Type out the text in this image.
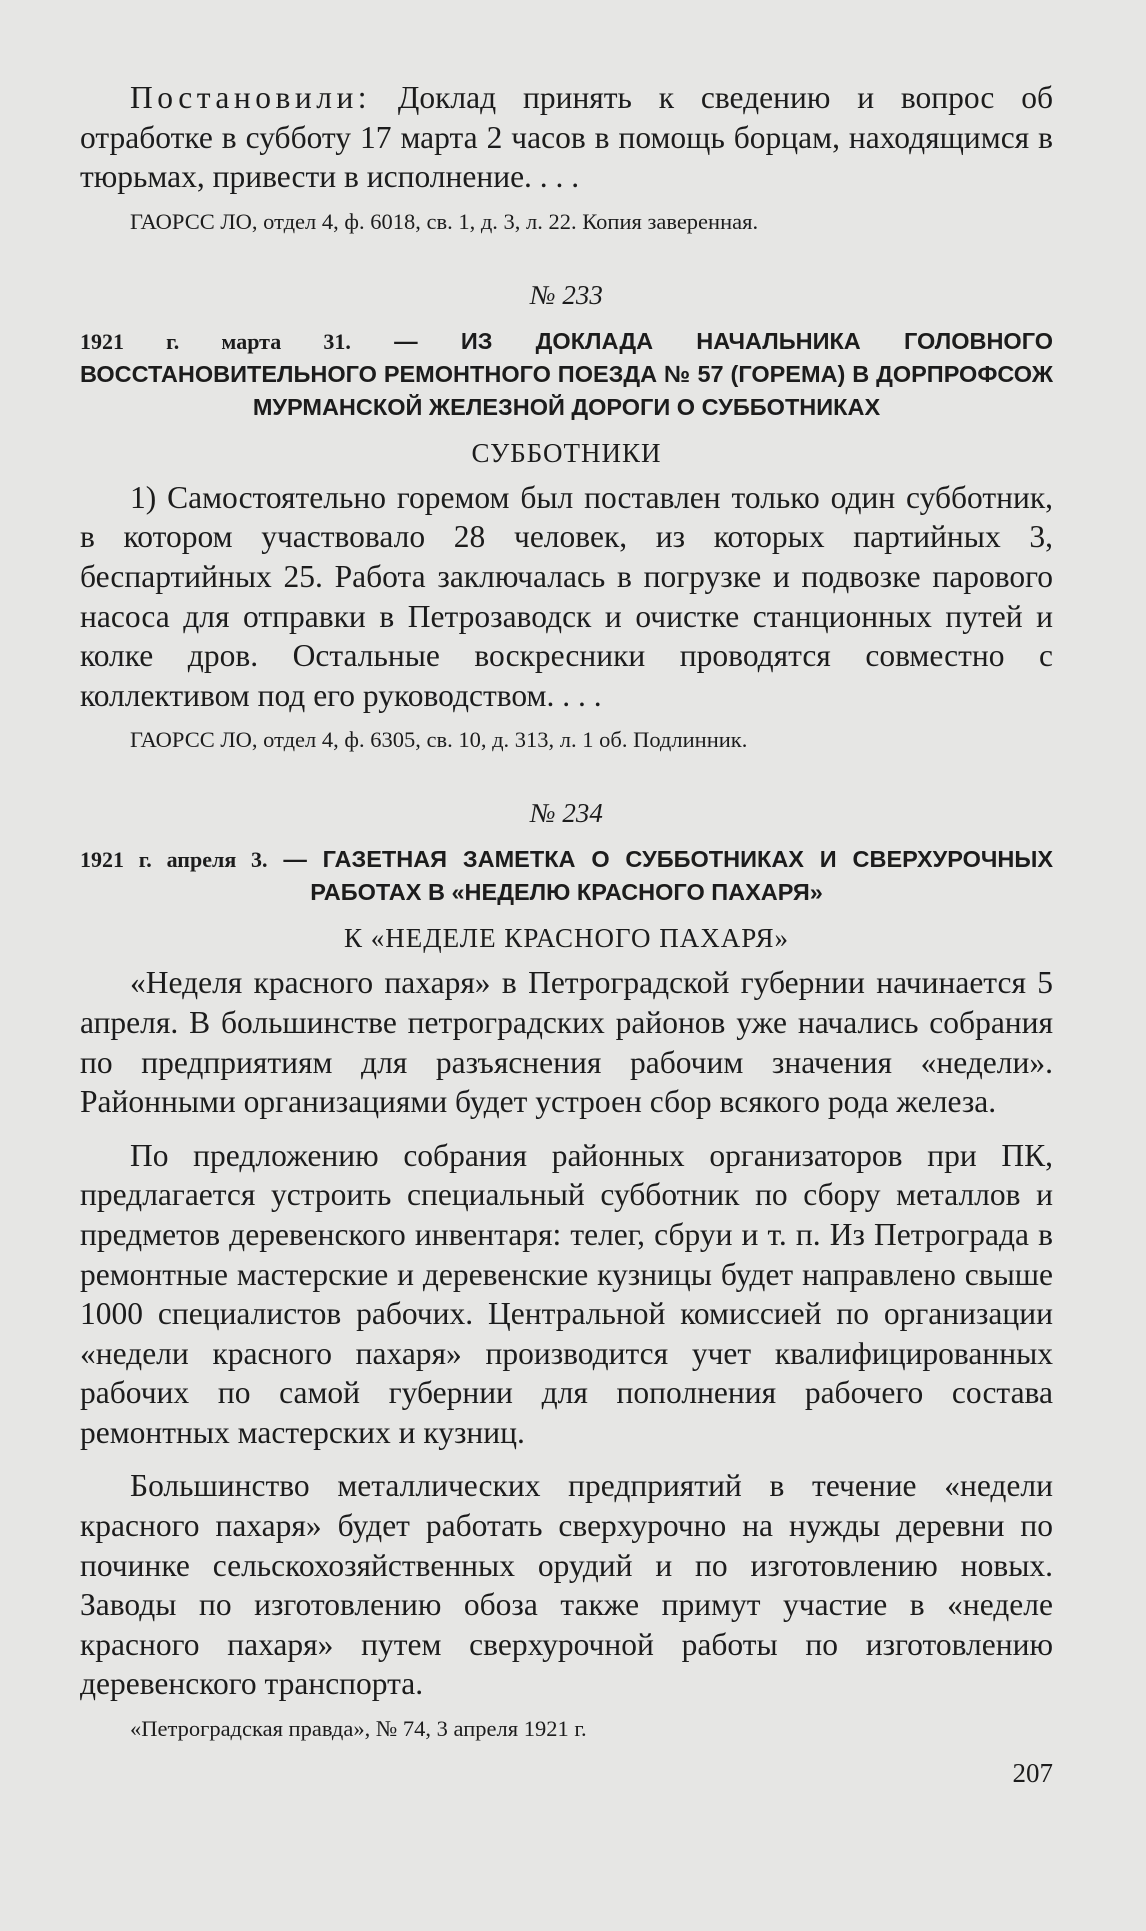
Постановили: Доклад принять к сведению и вопрос об отработке в субботу 17 марта 2 часов в помощь борцам, находящимся в тюрьмах, привести в исполнение. . . .

ГАОРСС ЛО, отдел 4, ф. 6018, св. 1, д. 3, л. 22. Копия заверенная.

№ 233

1921 г. марта 31. — ИЗ ДОКЛАДА НАЧАЛЬНИКА ГОЛОВНОГО ВОССТАНОВИТЕЛЬНОГО РЕМОНТНОГО ПОЕЗДА № 57 (ГОРЕМА) В ДОРПРОФСОЖ МУРМАНСКОЙ ЖЕЛЕЗНОЙ ДОРОГИ О СУББОТНИКАХ

СУББОТНИКИ

1) Самостоятельно горемом был поставлен только один субботник, в котором участвовало 28 человек, из которых партийных 3, беспартийных 25. Работа заключалась в погрузке и подвозке парового насоса для отправки в Петрозаводск и очистке станционных путей и колке дров. Остальные воскресники проводятся совместно с коллективом под его руководством. . . .

ГАОРСС ЛО, отдел 4, ф. 6305, св. 10, д. 313, л. 1 об. Подлинник.

№ 234

1921 г. апреля 3. — ГАЗЕТНАЯ ЗАМЕТКА О СУББОТНИКАХ И СВЕРХУРОЧНЫХ РАБОТАХ В «НЕДЕЛЮ КРАСНОГО ПАХАРЯ»

К «НЕДЕЛЕ КРАСНОГО ПАХАРЯ»

«Неделя красного пахаря» в Петроградской губернии начинается 5 апреля. В большинстве петроградских районов уже начались собрания по предприятиям для разъяснения рабочим значения «недели». Районными организациями будет устроен сбор всякого рода железа.

По предложению собрания районных организаторов при ПК, предлагается устроить специальный субботник по сбору металлов и предметов деревенского инвентаря: телег, сбруи и т. п. Из Петрограда в ремонтные мастерские и деревенские кузницы будет направлено свыше 1000 специалистов рабочих. Центральной комиссией по организации «недели красного пахаря» производится учет квалифицированных рабочих по самой губернии для пополнения рабочего состава ремонтных мастерских и кузниц.

Большинство металлических предприятий в течение «недели красного пахаря» будет работать сверхурочно на нужды деревни по починке сельскохозяйственных орудий и по изготовлению новых. Заводы по изготовлению обоза также примут участие в «неделе красного пахаря» путем сверхурочной работы по изготовлению деревенского транспорта.

«Петроградская правда», № 74, 3 апреля 1921 г.

207
